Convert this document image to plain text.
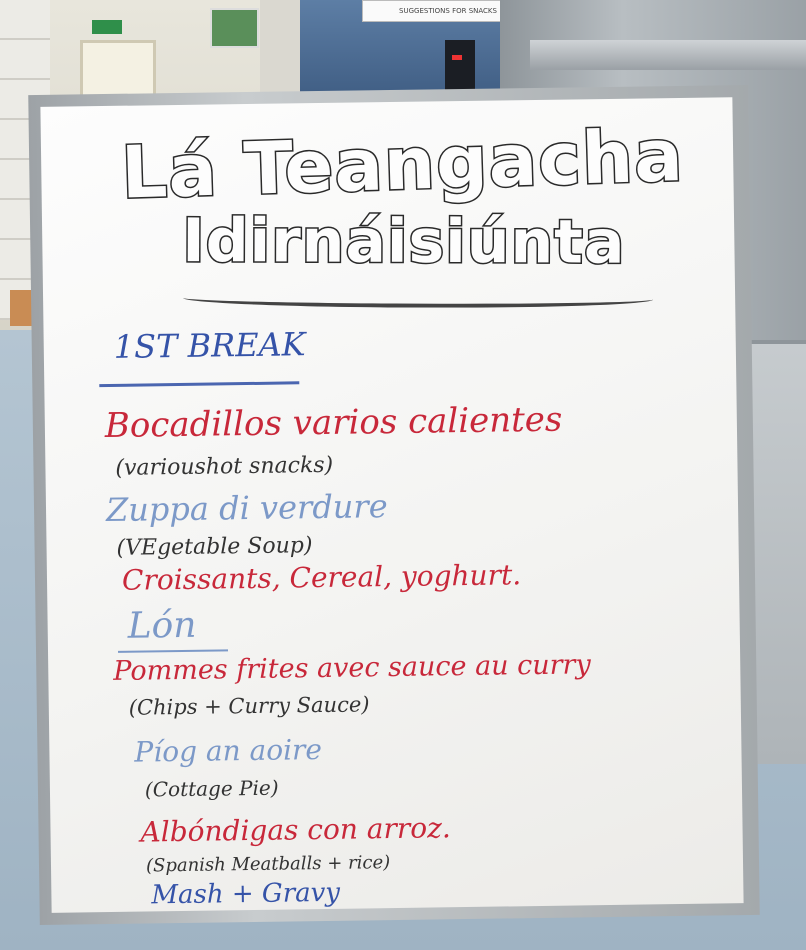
SUGGESTIONS FOR SNACKS
Lá Teangacha
Idirnáisiúnta
1ST BREAK
Lón
Bocadillos varios calientes
(varioushot snacks)
Zuppa di verdure
(VEgetable Soup)
Croissants, Cereal, yoghurt.
Pommes frites avec sauce au curry
(Chips + Curry Sauce)
Píog an aoire
(Cottage Pie)
Albóndigas con arroz.
(Spanish Meatballs + rice)
Mash + Gravy
